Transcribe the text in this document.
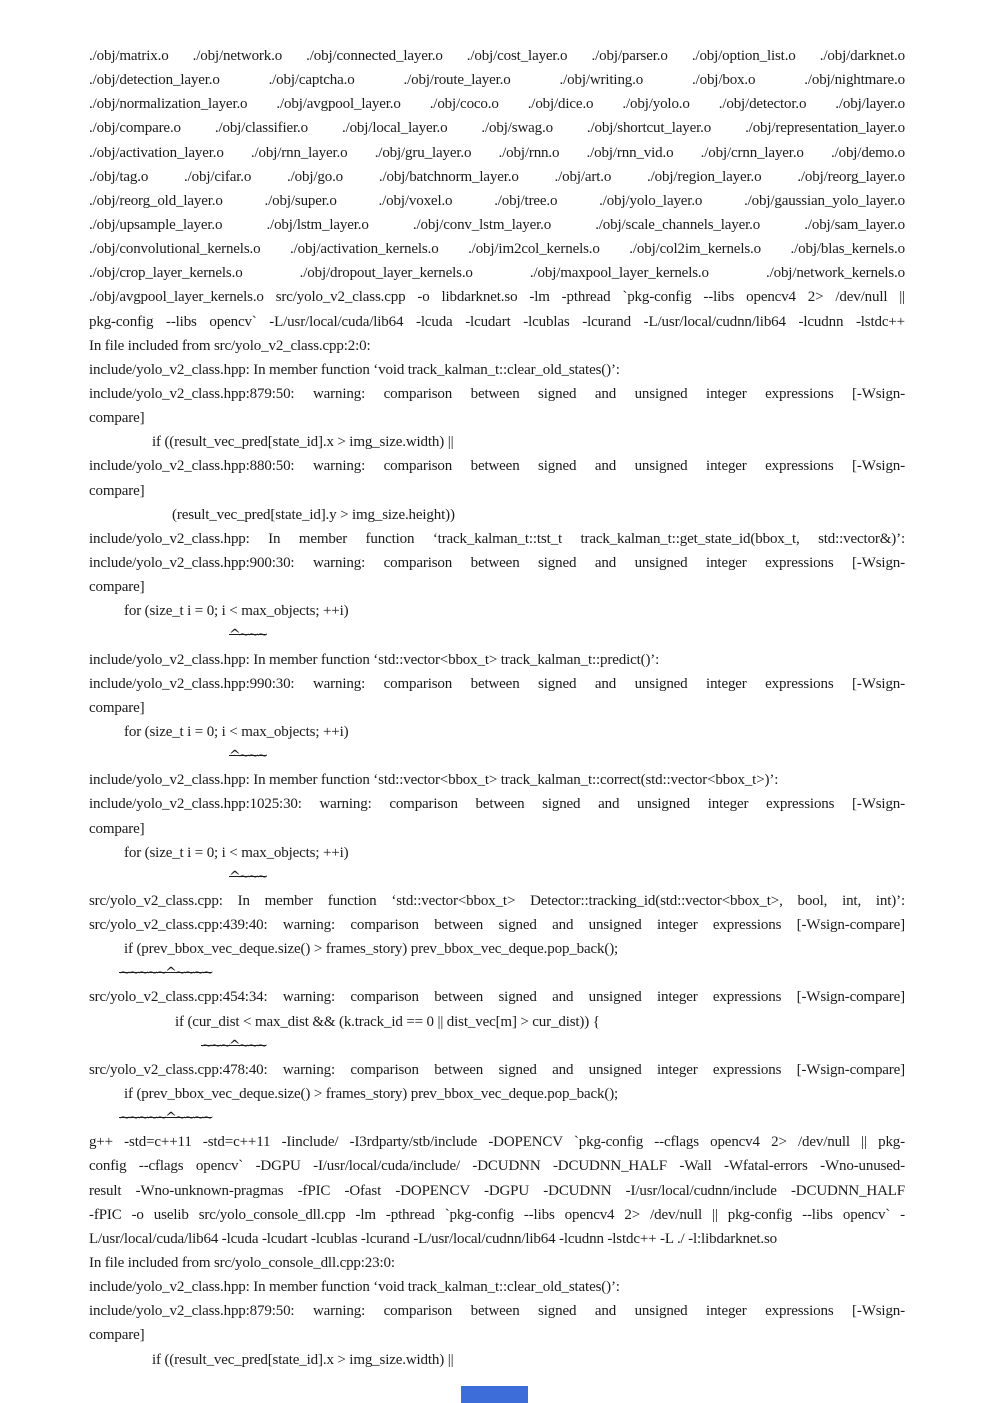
./obj/matrix.o ./obj/network.o ./obj/connected_layer.o ./obj/cost_layer.o ./obj/parser.o ./obj/option_list.o ./obj/darknet.o
./obj/detection_layer.o ./obj/captcha.o ./obj/route_layer.o ./obj/writing.o ./obj/box.o ./obj/nightmare.o
./obj/normalization_layer.o ./obj/avgpool_layer.o ./obj/coco.o ./obj/dice.o ./obj/yolo.o ./obj/detector.o ./obj/layer.o
./obj/compare.o ./obj/classifier.o ./obj/local_layer.o ./obj/swag.o ./obj/shortcut_layer.o ./obj/representation_layer.o
./obj/activation_layer.o ./obj/rnn_layer.o ./obj/gru_layer.o ./obj/rnn.o ./obj/rnn_vid.o ./obj/crnn_layer.o ./obj/demo.o
./obj/tag.o ./obj/cifar.o ./obj/go.o ./obj/batchnorm_layer.o ./obj/art.o ./obj/region_layer.o ./obj/reorg_layer.o
./obj/reorg_old_layer.o ./obj/super.o ./obj/voxel.o ./obj/tree.o ./obj/yolo_layer.o ./obj/gaussian_yolo_layer.o
./obj/upsample_layer.o ./obj/lstm_layer.o ./obj/conv_lstm_layer.o ./obj/scale_channels_layer.o ./obj/sam_layer.o
./obj/convolutional_kernels.o ./obj/activation_kernels.o ./obj/im2col_kernels.o ./obj/col2im_kernels.o ./obj/blas_kernels.o
./obj/crop_layer_kernels.o ./obj/dropout_layer_kernels.o ./obj/maxpool_layer_kernels.o ./obj/network_kernels.o
./obj/avgpool_layer_kernels.o src/yolo_v2_class.cpp -o libdarknet.so -lm -pthread `pkg-config --libs opencv4 2> /dev/null ||
pkg-config --libs opencv` -L/usr/local/cuda/lib64 -lcuda -lcudart -lcublas -lcurand -L/usr/local/cudnn/lib64 -lcudnn -lstdc++
In file included from src/yolo_v2_class.cpp:2:0:
include/yolo_v2_class.hpp: In member function ‘void track_kalman_t::clear_old_states()’:
include/yolo_v2_class.hpp:879:50: warning: comparison between signed and unsigned integer expressions [-Wsign-
compare]
if ((result_vec_pred[state_id].x > img_size.width) ||
include/yolo_v2_class.hpp:880:50: warning: comparison between signed and unsigned integer expressions [-Wsign-
compare]
(result_vec_pred[state_id].y > img_size.height))
include/yolo_v2_class.hpp: In member function ‘track_kalman_t::tst_t track_kalman_t::get_state_id(bbox_t, std::vector&)’:
include/yolo_v2_class.hpp:900:30: warning: comparison between signed and unsigned integer expressions [-Wsign-
compare]
for (size_t i = 0; i < max_objects; ++i)
^~~~
include/yolo_v2_class.hpp: In member function ‘std::vector<bbox_t> track_kalman_t::predict()’:
include/yolo_v2_class.hpp:990:30: warning: comparison between signed and unsigned integer expressions [-Wsign-
compare]
for (size_t i = 0; i < max_objects; ++i)
^~~~
include/yolo_v2_class.hpp: In member function ‘std::vector<bbox_t> track_kalman_t::correct(std::vector<bbox_t>)’:
include/yolo_v2_class.hpp:1025:30: warning: comparison between signed and unsigned integer expressions [-Wsign-
compare]
for (size_t i = 0; i < max_objects; ++i)
^~~~
src/yolo_v2_class.cpp: In member function ‘std::vector<bbox_t> Detector::tracking_id(std::vector<bbox_t>, bool, int, int)’:
src/yolo_v2_class.cpp:439:40: warning: comparison between signed and unsigned integer expressions [-Wsign-compare]
if (prev_bbox_vec_deque.size() > frames_story) prev_bbox_vec_deque.pop_back();
~~~~~^~~~~
src/yolo_v2_class.cpp:454:34: warning: comparison between signed and unsigned integer expressions [-Wsign-compare]
if (cur_dist < max_dist && (k.track_id == 0 || dist_vec[m] > cur_dist)) {
~~~^~~~
src/yolo_v2_class.cpp:478:40: warning: comparison between signed and unsigned integer expressions [-Wsign-compare]
if (prev_bbox_vec_deque.size() > frames_story) prev_bbox_vec_deque.pop_back();
~~~~~^~~~~
g++ -std=c++11 -std=c++11 -Iinclude/ -I3rdparty/stb/include -DOPENCV `pkg-config --cflags opencv4 2> /dev/null || pkg-
config --cflags opencv` -DGPU -I/usr/local/cuda/include/ -DCUDNN -DCUDNN_HALF -Wall -Wfatal-errors -Wno-unused-
result -Wno-unknown-pragmas -fPIC -Ofast -DOPENCV -DGPU -DCUDNN -I/usr/local/cudnn/include -DCUDNN_HALF
-fPIC -o uselib src/yolo_console_dll.cpp -lm -pthread `pkg-config --libs opencv4 2> /dev/null || pkg-config --libs opencv` -
L/usr/local/cuda/lib64 -lcuda -lcudart -lcublas -lcurand -L/usr/local/cudnn/lib64 -lcudnn -lstdc++ -L ./ -l:libdarknet.so
In file included from src/yolo_console_dll.cpp:23:0:
include/yolo_v2_class.hpp: In member function ‘void track_kalman_t::clear_old_states()’:
include/yolo_v2_class.hpp:879:50: warning: comparison between signed and unsigned integer expressions [-Wsign-
compare]
if ((result_vec_pred[state_id].x > img_size.width) ||
